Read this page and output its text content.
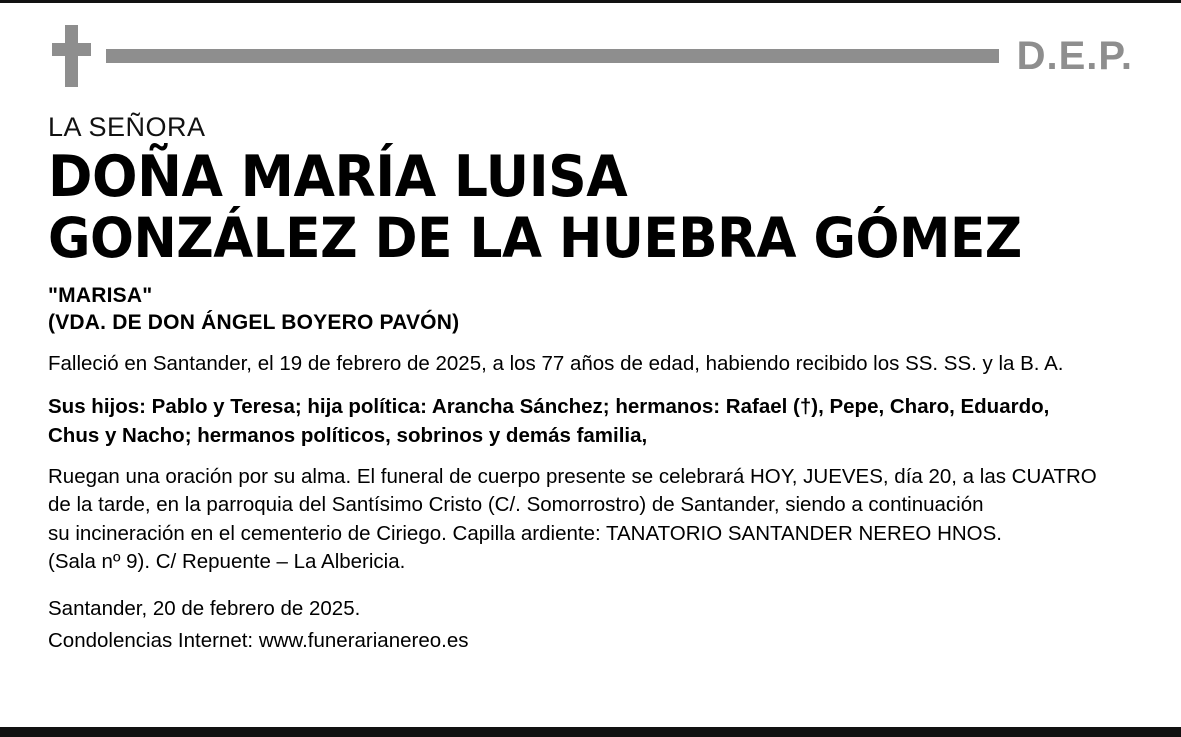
D.E.P.
LA SEÑORA
DOÑA MARÍA LUISA
GONZÁLEZ DE LA HUEBRA GÓMEZ
"MARISA"
(VDA. DE DON ÁNGEL BOYERO PAVÓN)
Falleció en Santander, el 19 de febrero de 2025, a los 77 años de edad, habiendo recibido los SS. SS. y la B. A.
Sus hijos: Pablo y Teresa; hija política: Arancha Sánchez; hermanos: Rafael (†), Pepe, Charo, Eduardo,
Chus y Nacho; hermanos políticos, sobrinos y demás familia,
Ruegan una oración por su alma. El funeral de cuerpo presente se celebrará HOY, JUEVES, día 20, a las CUATRO
de la tarde, en la parroquia del Santísimo Cristo (C/. Somorrostro) de Santander, siendo a continuación
su incineración en el cementerio de Ciriego. Capilla ardiente: TANATORIO SANTANDER NEREO HNOS.
(Sala nº 9). C/ Repuente – La Albericia.
Santander, 20 de febrero de 2025.
Condolencias Internet: www.funerarianereo.es
